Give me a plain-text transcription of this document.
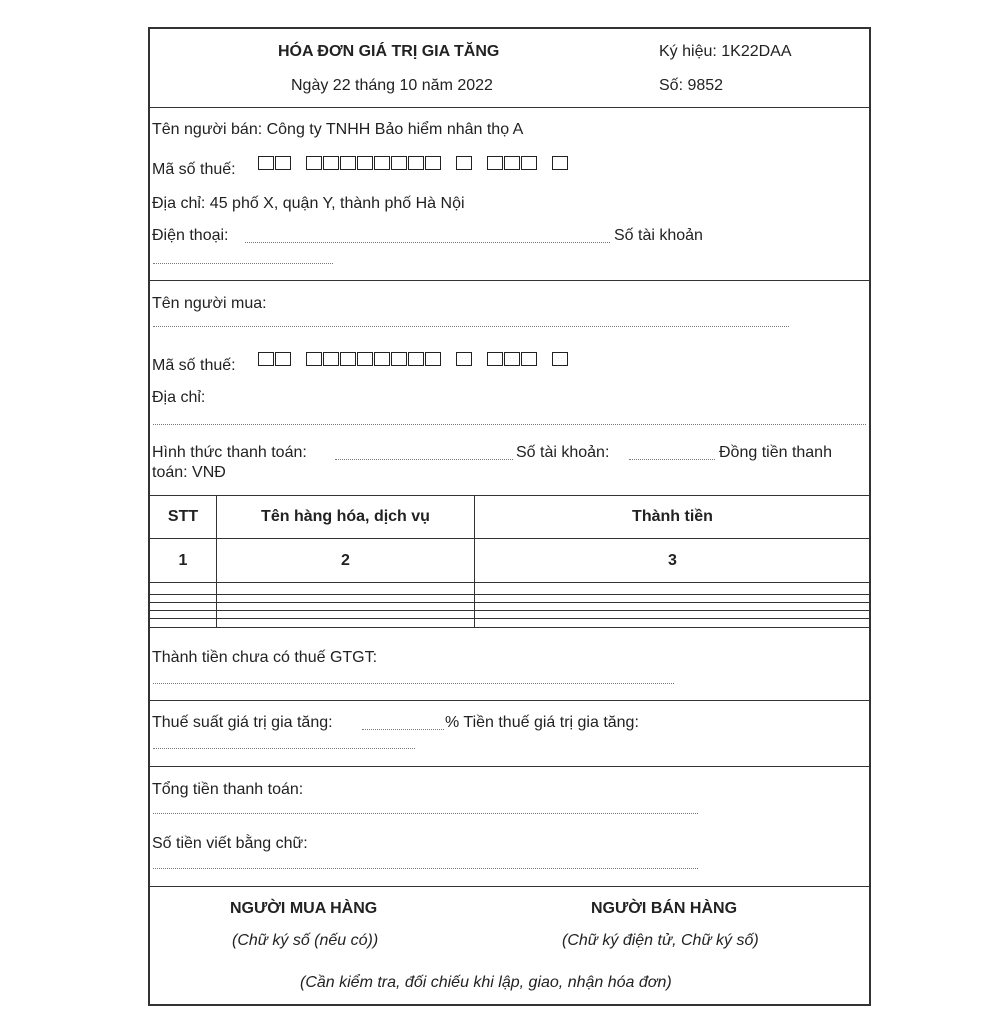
HÓA ĐƠN GIÁ TRỊ GIA TĂNG
Ngày 22 tháng 10 năm 2022
Ký hiệu: 1K22DAA
Số: 9852
Tên người bán: Công ty TNHH Bảo hiểm nhân thọ A
Mã số thuế:
Địa chỉ: 45 phố X, quận Y, thành phố Hà Nội
Điện thoại:	Số tài khoản
Tên người mua:
Mã số thuế:
Địa chỉ:
Hình thức thanh toán:	Số tài khoản:	Đồng tiền thanh
toán: VNĐ
STT	Tên hàng hóa, dịch vụ	Thành tiền
1	2	3

Thành tiền chưa có thuế GTGT:
Thuế suất giá trị gia tăng:	% Tiền thuế giá trị gia tăng:
Tổng tiền thanh toán:
Số tiền viết bằng chữ:
NGƯỜI MUA HÀNG
(Chữ ký số (nếu có))
NGƯỜI BÁN HÀNG
(Chữ ký điện tử, Chữ ký số)
(Cần kiểm tra, đối chiếu khi lập, giao, nhận hóa đơn)
